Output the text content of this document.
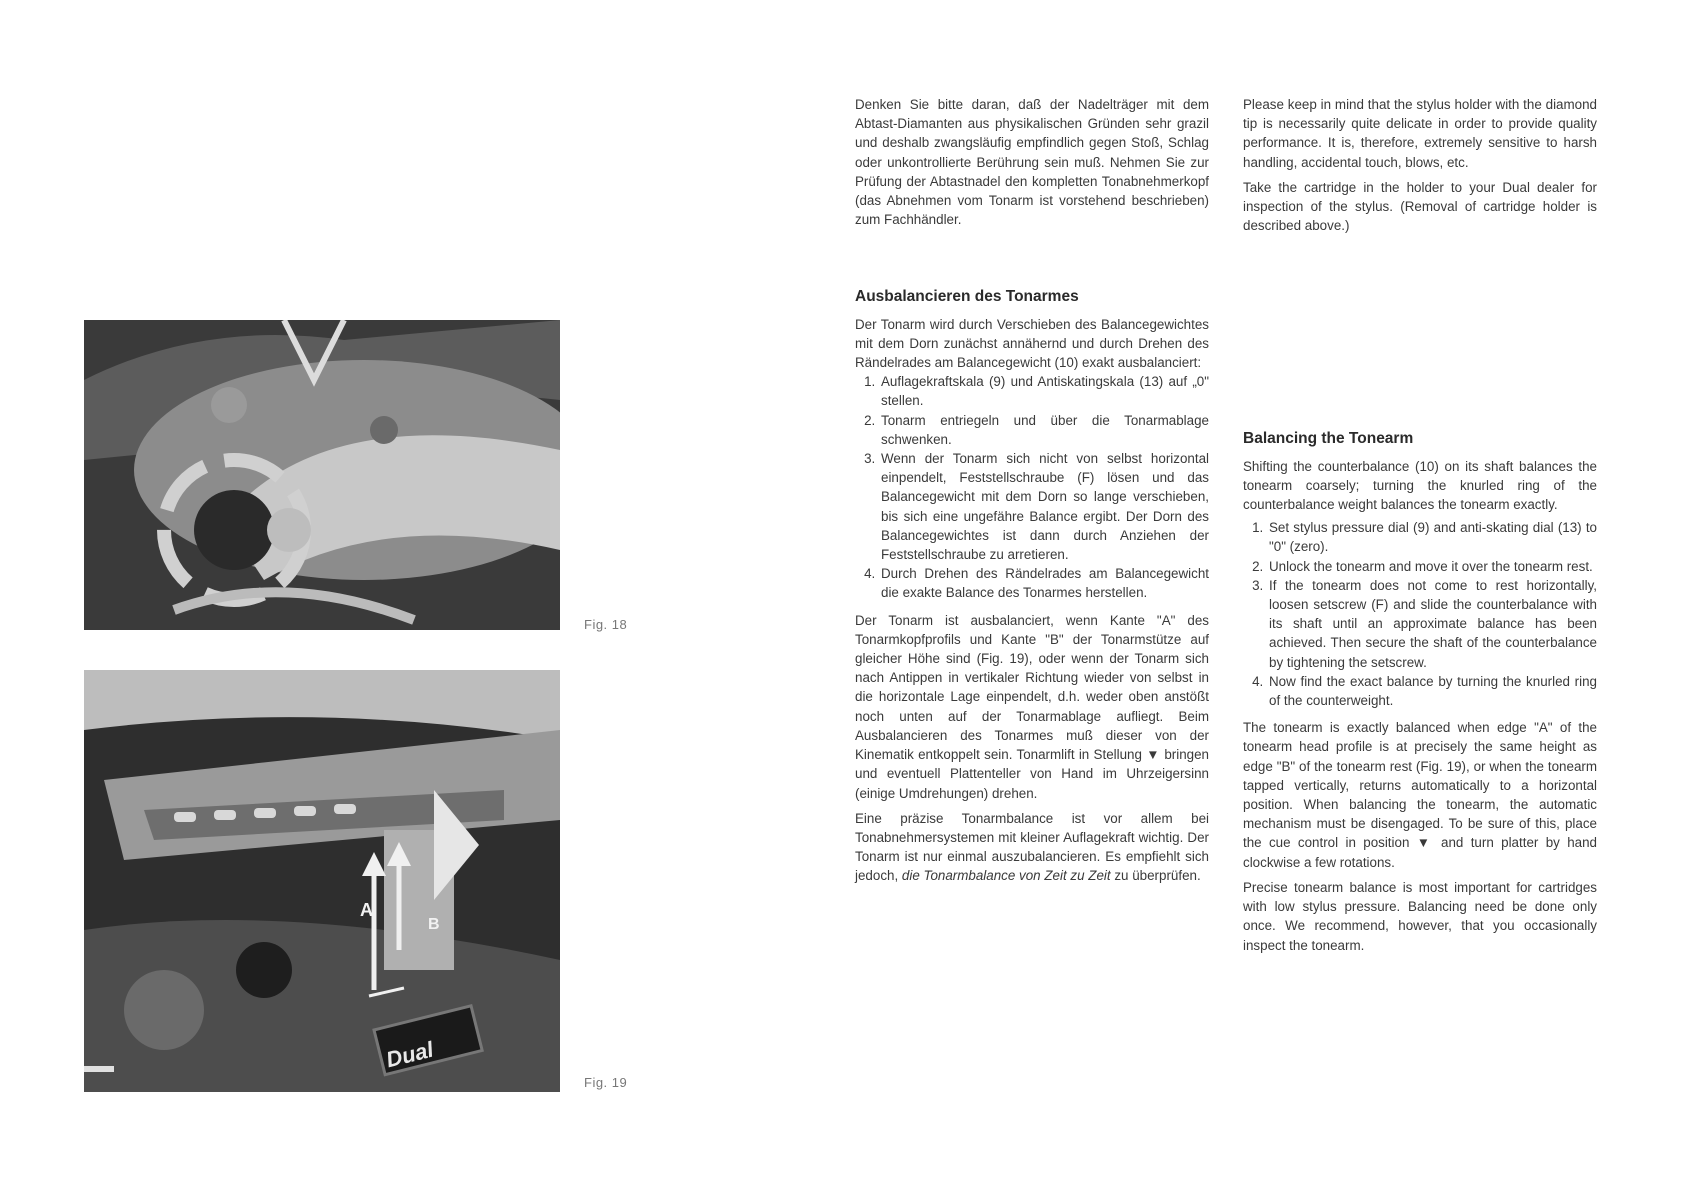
Fig. 18
A
B
Dual
Fig. 19

Denken Sie bitte daran, daß der Nadelträger mit dem Abtast-Diamanten aus physikalischen Gründen sehr grazil und deshalb zwangsläufig empfindlich gegen Stoß, Schlag oder unkontrollierte Berührung sein muß. Nehmen Sie zur Prüfung der Abtastnadel den kompletten Tonabnehmerkopf (das Abnehmen vom Tonarm ist vorstehend beschrieben) zum Fachhändler.

Ausbalancieren des Tonarmes

Der Tonarm wird durch Verschieben des Balancegewichtes mit dem Dorn zunächst annähernd und durch Drehen des Rändelrades am Balancegewicht (10) exakt ausbalanciert:

1. Auflagekraftskala (9) und Antiskatingskala (13) auf „0" stellen.
2. Tonarm entriegeln und über die Tonarmablage schwenken.
3. Wenn der Tonarm sich nicht von selbst horizontal einpendelt, Feststellschraube (F) lösen und das Balancegewicht mit dem Dorn so lange verschieben, bis sich eine ungefähre Balance ergibt. Der Dorn des Balancegewichtes ist dann durch Anziehen der Feststellschraube zu arretieren.
4. Durch Drehen des Rändelrades am Balancegewicht die exakte Balance des Tonarmes herstellen.

Der Tonarm ist ausbalanciert, wenn Kante "A" des Tonarmkopfprofils und Kante "B" der Tonarmstütze auf gleicher Höhe sind (Fig. 19), oder wenn der Tonarm sich nach Antippen in vertikaler Richtung wieder von selbst in die horizontale Lage einpendelt, d.h. weder oben anstößt noch unten auf der Tonarmablage aufliegt. Beim Ausbalancieren des Tonarmes muß dieser von der Kinematik entkoppelt sein. Tonarmlift in Stellung ▼ bringen und eventuell Plattenteller von Hand im Uhrzeigersinn (einige Umdrehungen) drehen.

Eine präzise Tonarmbalance ist vor allem bei Tonabnehmersystemen mit kleiner Auflagekraft wichtig. Der Tonarm ist nur einmal auszubalancieren. Es empfiehlt sich jedoch, die Tonarmbalance von Zeit zu Zeit zu überprüfen.

Please keep in mind that the stylus holder with the diamond tip is necessarily quite delicate in order to provide quality performance. It is, therefore, extremely sensitive to harsh handling, accidental touch, blows, etc.

Take the cartridge in the holder to your Dual dealer for inspection of the stylus. (Removal of cartridge holder is described above.)

Balancing the Tonearm

Shifting the counterbalance (10) on its shaft balances the tonearm coarsely; turning the knurled ring of the counterbalance weight balances the tonearm exactly.

1. Set stylus pressure dial (9) and anti-skating dial (13) to "0" (zero).
2. Unlock the tonearm and move it over the tonearm rest.
3. If the tonearm does not come to rest horizontally, loosen setscrew (F) and slide the counterbalance with its shaft until an approximate balance has been achieved. Then secure the shaft of the counterbalance by tightening the setscrew.
4. Now find the exact balance by turning the knurled ring of the counterweight.

The tonearm is exactly balanced when edge "A" of the tonearm head profile is at precisely the same height as edge "B" of the tonearm rest (Fig. 19), or when the tonearm tapped vertically, returns automatically to a horizontal position. When balancing the tonearm, the automatic mechanism must be disengaged. To be sure of this, place the cue control in position ▼ and turn platter by hand clockwise a few rotations.

Precise tonearm balance is most important for cartridges with low stylus pressure. Balancing need be done only once. We recommend, however, that you occasionally inspect the tonearm.
